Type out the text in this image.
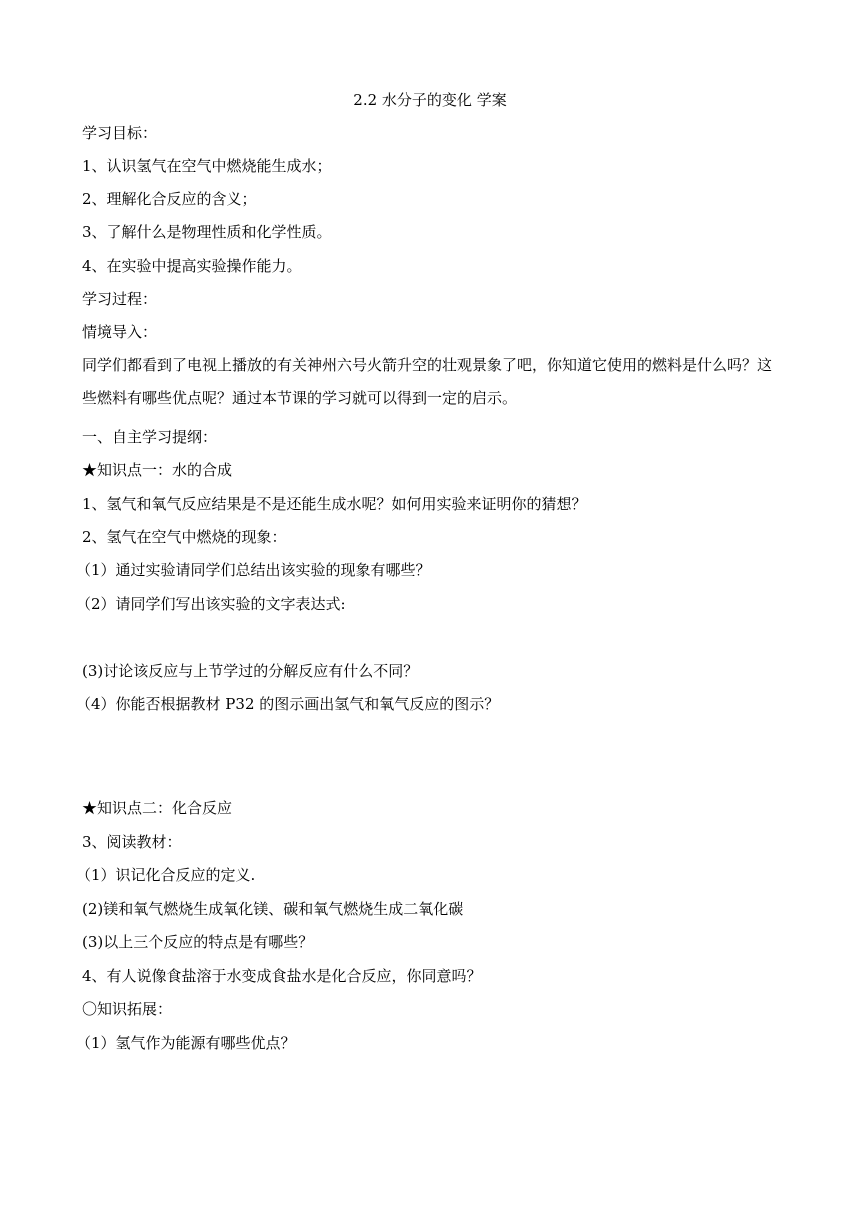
2.2 水分子的变化 学案
学习目标：
1、认识氢气在空气中燃烧能生成水；
2、理解化合反应的含义；
3、了解什么是物理性质和化学性质。
4、在实验中提高实验操作能力。
学习过程：
情境导入：
同学们都看到了电视上播放的有关神州六号火箭升空的壮观景象了吧，你知道它使用的燃料是什么吗？这些燃料有哪些优点呢？通过本节课的学习就可以得到一定的启示。
一、自主学习提纲：
★知识点一：水的合成
1、氢气和氧气反应结果是不是还能生成水呢？如何用实验来证明你的猜想？
2、氢气在空气中燃烧的现象：
（1）通过实验请同学们总结出该实验的现象有哪些？
（2）请同学们写出该实验的文字表达式:
(3)讨论该反应与上节学过的分解反应有什么不同？
（4）你能否根据教材 P32 的图示画出氢气和氧气反应的图示？
★知识点二：化合反应
3、阅读教材：
（1）识记化合反应的定义.
(2)镁和氧气燃烧生成氧化镁、碳和氧气燃烧生成二氧化碳
(3)以上三个反应的特点是有哪些？
4、有人说像食盐溶于水变成食盐水是化合反应，你同意吗？
〇知识拓展：
（1）氢气作为能源有哪些优点？
